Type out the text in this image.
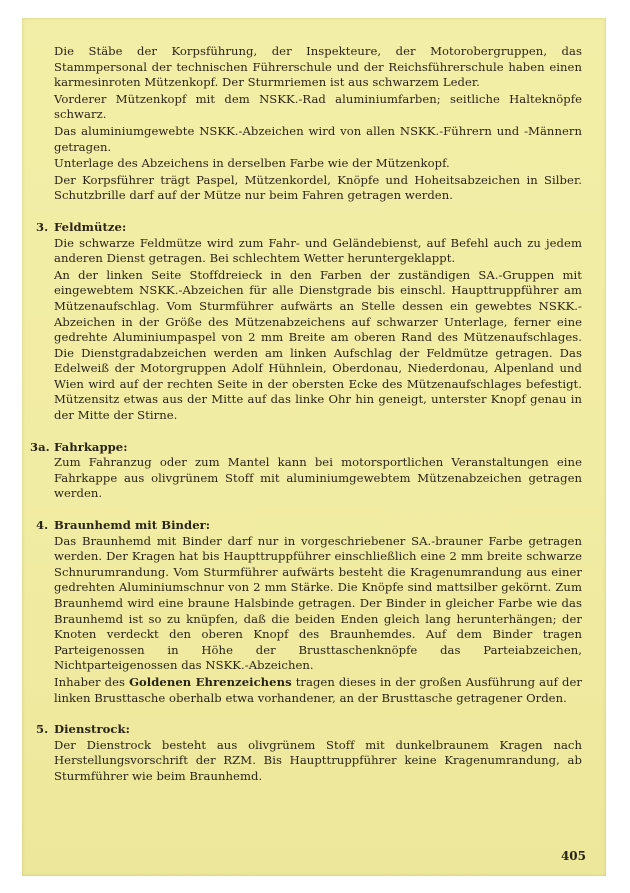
Die Stäbe der Korpsführung, der Inspekteure, der Motorobergruppen, das Stammpersonal der technischen Führerschule und der Reichsführerschule haben einen karmesinroten Mützenkopf. Der Sturmriemen ist aus schwarzem Leder.

Vorderer Mützenkopf mit dem NSKK.-Rad aluminiumfarben; seitliche Halteknöpfe schwarz.

Das aluminiumgewebte NSKK.-Abzeichen wird von allen NSKK.-Führern und -Männern getragen.

Unterlage des Abzeichens in derselben Farbe wie der Mützenkopf.

Der Korpsführer trägt Paspel, Mützenkordel, Knöpfe und Hoheitsabzeichen in Silber. Schutzbrille darf auf der Mütze nur beim Fahren getragen werden.

3. Feldmütze:

Die schwarze Feldmütze wird zum Fahr- und Geländebienst, auf Befehl auch zu jedem anderen Dienst getragen. Bei schlechtem Wetter heruntergeklappt.

An der linken Seite Stoffdreieck in den Farben der zuständigen SA.-Gruppen mit eingewebtem NSKK.-Abzeichen für alle Dienstgrade bis einschl. Haupttruppführer am Mützenaufschlag. Vom Sturmführer aufwärts an Stelle dessen ein gewebtes NSKK.-Abzeichen in der Größe des Mützenabzeichens auf schwarzer Unterlage, ferner eine gedrehte Aluminiumpaspel von 2 mm Breite am oberen Rand des Mützenaufschlages. Die Dienstgradabzeichen werden am linken Aufschlag der Feldmütze getragen. Das Edelweiß der Motorgruppen Adolf Hühnlein, Oberdonau, Niederdonau, Alpenland und Wien wird auf der rechten Seite in der obersten Ecke des Mützenaufschlages befestigt. Mützensitz etwas aus der Mitte auf das linke Ohr hin geneigt, unterster Knopf genau in der Mitte der Stirne.

3a. Fahrkappe:

Zum Fahranzug oder zum Mantel kann bei motorsportlichen Veranstaltungen eine Fahrkappe aus olivgrünem Stoff mit aluminiumgewebtem Mützenabzeichen getragen werden.

4. Braunhemd mit Binder:

Das Braunhemd mit Binder darf nur in vorgeschriebener SA.-brauner Farbe getragen werden. Der Kragen hat bis Haupttruppführer einschließlich eine 2 mm breite schwarze Schnurumrandung. Vom Sturmführer aufwärts besteht die Kragenumrandung aus einer gedrehten Aluminiumschnur von 2 mm Stärke. Die Knöpfe sind mattsilber gekörnt. Zum Braunhemd wird eine braune Halsbinde getragen. Der Binder in gleicher Farbe wie das Braunhemd ist so zu knüpfen, daß die beiden Enden gleich lang herunterhängen; der Knoten verdeckt den oberen Knopf des Braunhemdes. Auf dem Binder tragen Parteigenossen in Höhe der Brusttaschenknöpfe das Parteiabzeichen, Nichtparteigenossen das NSKK.-Abzeichen.

Inhaber des Goldenen Ehrenzeichens tragen dieses in der großen Ausführung auf der linken Brusttasche oberhalb etwa vorhandener, an der Brusttasche getragener Orden.

5. Dienstrock:

Der Dienstrock besteht aus olivgrünem Stoff mit dunkelbraunem Kragen nach Herstellungsvorschrift der RZM. Bis Haupttruppführer keine Kragenumrandung, ab Sturmführer wie beim Braunhemd.

405
